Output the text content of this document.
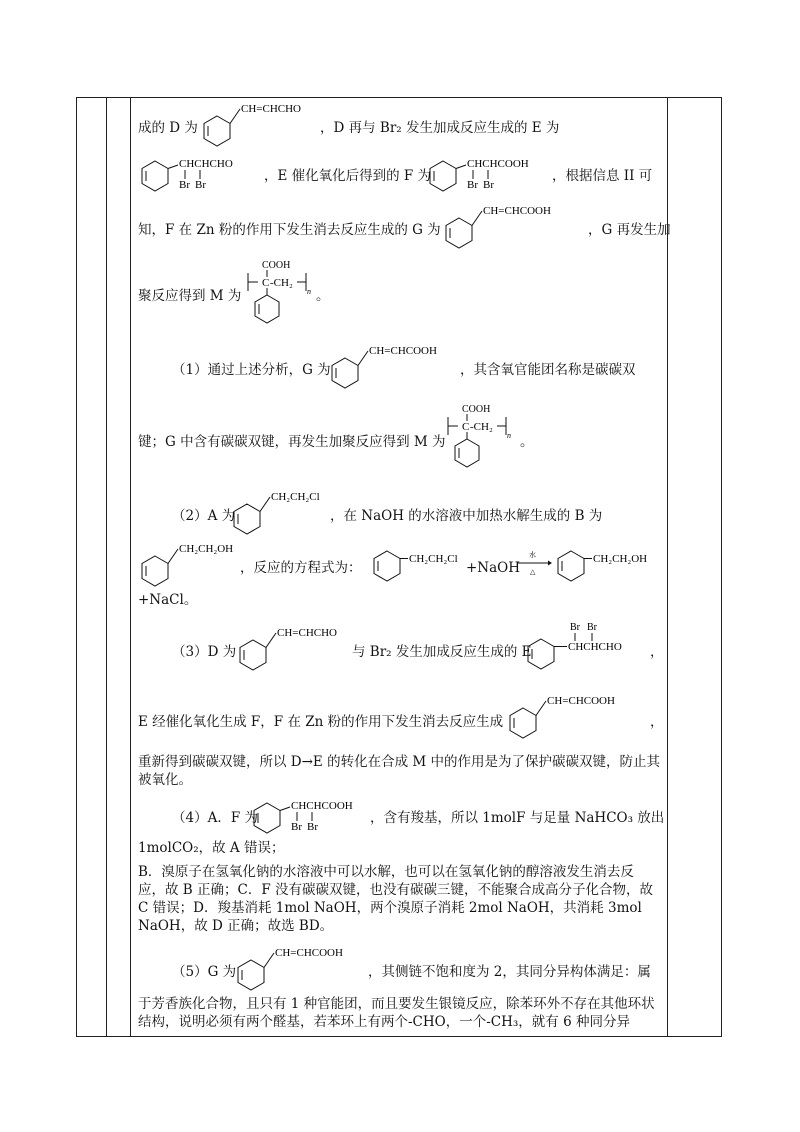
成的 D 为
CH=CHCHO
，D 再与 Br₂ 发生加成反应生成的 E 为
CHCHCHO
Br Br
，E 催化氧化后得到的 F 为
CHCHCOOH
Br Br
，根据信息 II 可
知，F 在 Zn 粉的作用下发生消去反应生成的 G 为
CH=CHCOOH
，G 再发生加
聚反应得到 M 为
COOH
C -CH₂
n 。
（1）通过上述分析，G 为
CH=CHCOOH
，其含氧官能团名称是碳碳双
键；G 中含有碳碳双键，再发生加聚反应得到 M 为
COOH
C -CH₂
n 。
（2）A 为
CH₂CH₂Cl
，在 NaOH 的水溶液中加热水解生成的 B 为
CH₂CH₂OH
，反应的方程式为：
CH₂CH₂Cl
+NaOH
水
△
CH₂CH₂OH
+NaCl。
（3）D 为
CH=CHCHO
与 Br₂ 发生加成反应生成的 E
Br Br
CHCHCHO ，
E 经催化氧化生成 F，F 在 Zn 粉的作用下发生消去反应生成
CH=CHCOOH
，
重新得到碳碳双键，所以 D→E 的转化在合成 M 中的作用是为了保护碳碳双键，防止其被氧化。
（4）A．F 为
CHCHCOOH
Br Br
，含有羧基，所以 1molF 与足量 NaHCO₃ 放出
1molCO₂，故 A 错误；
B．溴原子在氢氧化钠的水溶液中可以水解，也可以在氢氧化钠的醇溶液发生消去反应，故 B 正确；C．F 没有碳碳双键，也没有碳碳三键，不能聚合成高分子化合物，故 C 错误；D．羧基消耗 1mol NaOH，两个溴原子消耗 2mol NaOH，共消耗 3mol NaOH，故 D 正确；故选 BD。
（5）G 为
CH=CHCOOH
，其侧链不饱和度为 2，其同分异构体满足：属
于芳香族化合物，且只有 1 种官能团，而且要发生银镜反应，除苯环外不存在其他环状结构，说明必须有两个醛基，若苯环上有两个-CHO，一个-CH₃，就有 6 种同分异
